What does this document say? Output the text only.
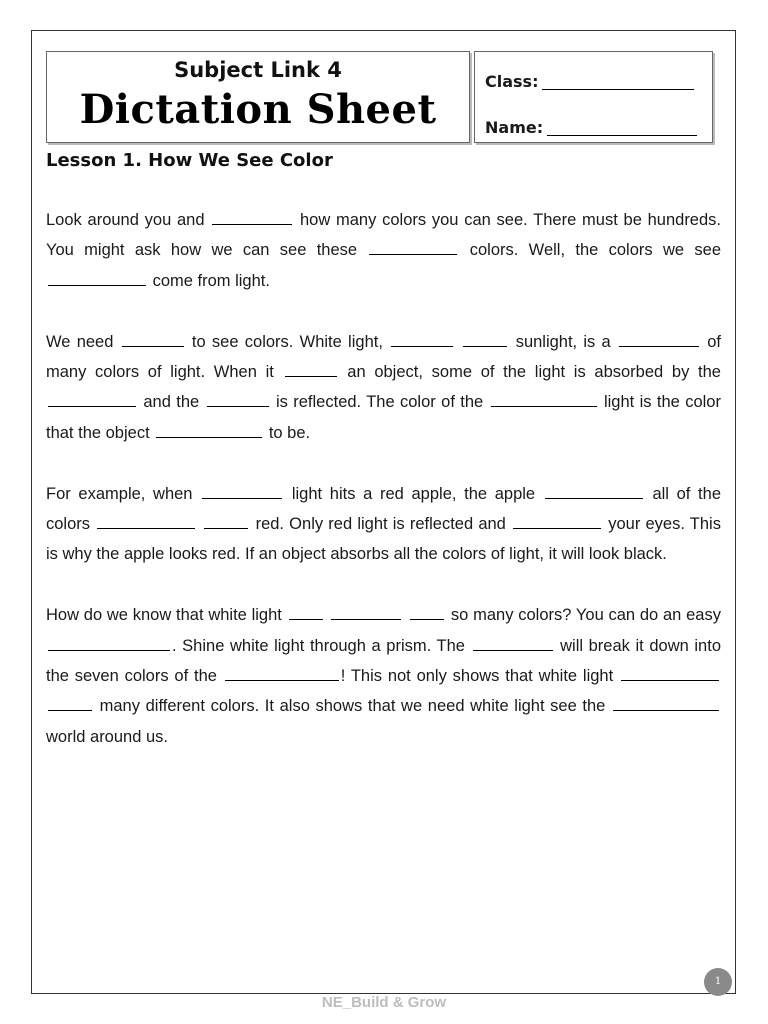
Subject Link 4
Dictation Sheet
Class:
Name:
Lesson 1. How We See Color

Look around you and	how many colors you can see. There must be hundreds. You might ask how we can see these	colors. Well, the colors we see  come from light.

We need	to see colors. White light,	sunlight, is a	of many colors of light. When it	an object, some of the light is absorbed by the  and the	is reflected. The color of the	light is the color that the object	to be.

For example, when	light hits a red apple, the apple	all of the colors	red. Only red light is reflected and	your eyes. This is why the apple looks red. If an object absorbs all the colors of light, it will look black.

How do we know that white light	so many colors? You can do an easy . Shine white light through a prism. The	will break it down into the seven colors of the	! This not only shows that white light   many different colors. It also shows that we need white light see the  world around us.

1
NE_Build & Grow
